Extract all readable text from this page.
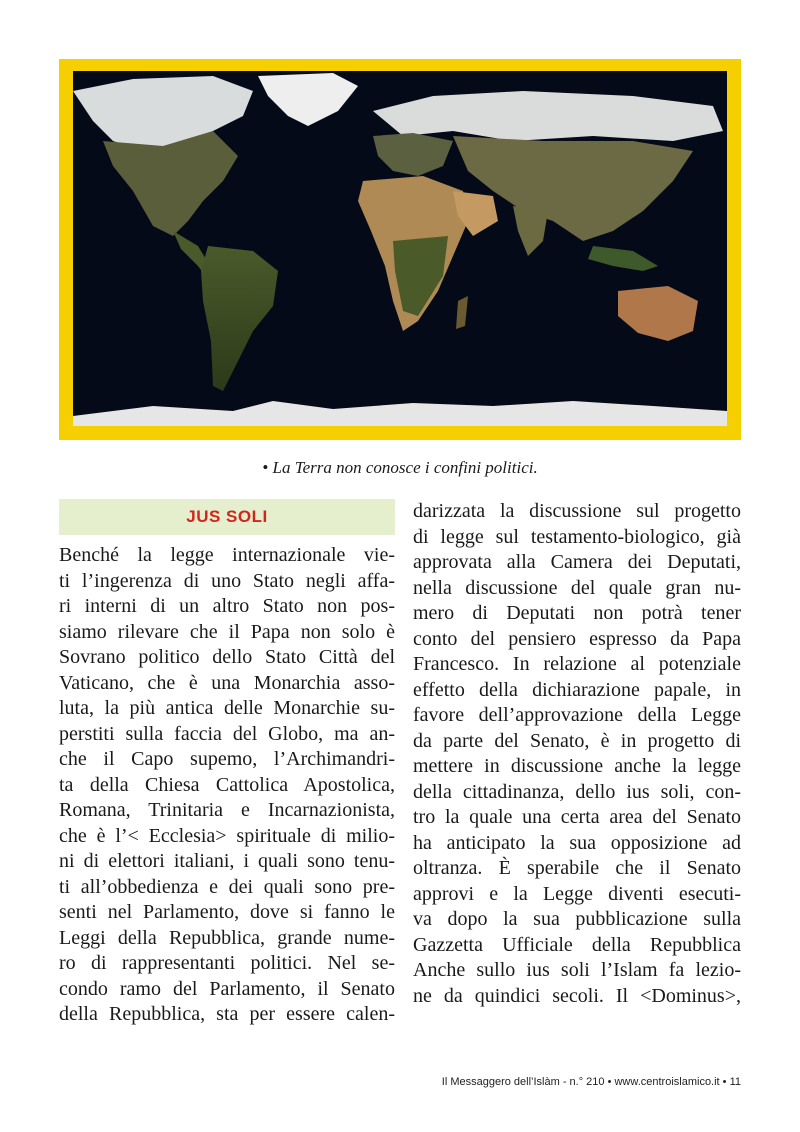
• La Terra non conosce i confini politici.
JUS SOLI
Benché la legge internazionale vie-
ti l’ingerenza di uno Stato negli affa-
ri interni di un altro Stato non pos-
siamo rilevare che il Papa non solo è
Sovrano politico dello Stato Città del
Vaticano, che è una Monarchia asso-
luta, la più antica delle Monarchie su-
perstiti sulla faccia del Globo, ma an-
che il Capo supemo, l’Archimandri-
ta della Chiesa Cattolica Apostolica,
Romana, Trinitaria e Incarnazionista,
che è l’< Ecclesia> spirituale di milio-
ni di elettori italiani, i quali sono tenu-
ti all’obbedienza e dei quali sono pre-
senti nel Parlamento, dove si fanno le
Leggi della Repubblica, grande nume-
ro di rappresentanti politici. Nel se-
condo ramo del Parlamento, il Senato
della Repubblica, sta per essere calen-
darizzata la discussione sul progetto
di legge sul testamento-biologico, già
approvata alla Camera dei Deputati,
nella discussione del quale gran nu-
mero di Deputati non potrà tener
conto del pensiero espresso da Papa
Francesco. In relazione al potenziale
effetto della dichiarazione papale, in
favore dell’approvazione della Legge
da parte del Senato, è in progetto di
mettere in discussione anche la legge
della cittadinanza, dello ius soli, con-
tro la quale una certa area del Senato
ha anticipato la sua opposizione ad
oltranza. È sperabile che il Senato
approvi e la Legge diventi esecuti-
va dopo la sua pubblicazione sulla
Gazzetta Ufficiale della Repubblica
Anche sullo ius soli l’Islam fa lezio-
ne da quindici secoli. Il <Dominus>,
Il Messaggero dell’Islàm - n.° 210 • www.centroislamico.it • 11
